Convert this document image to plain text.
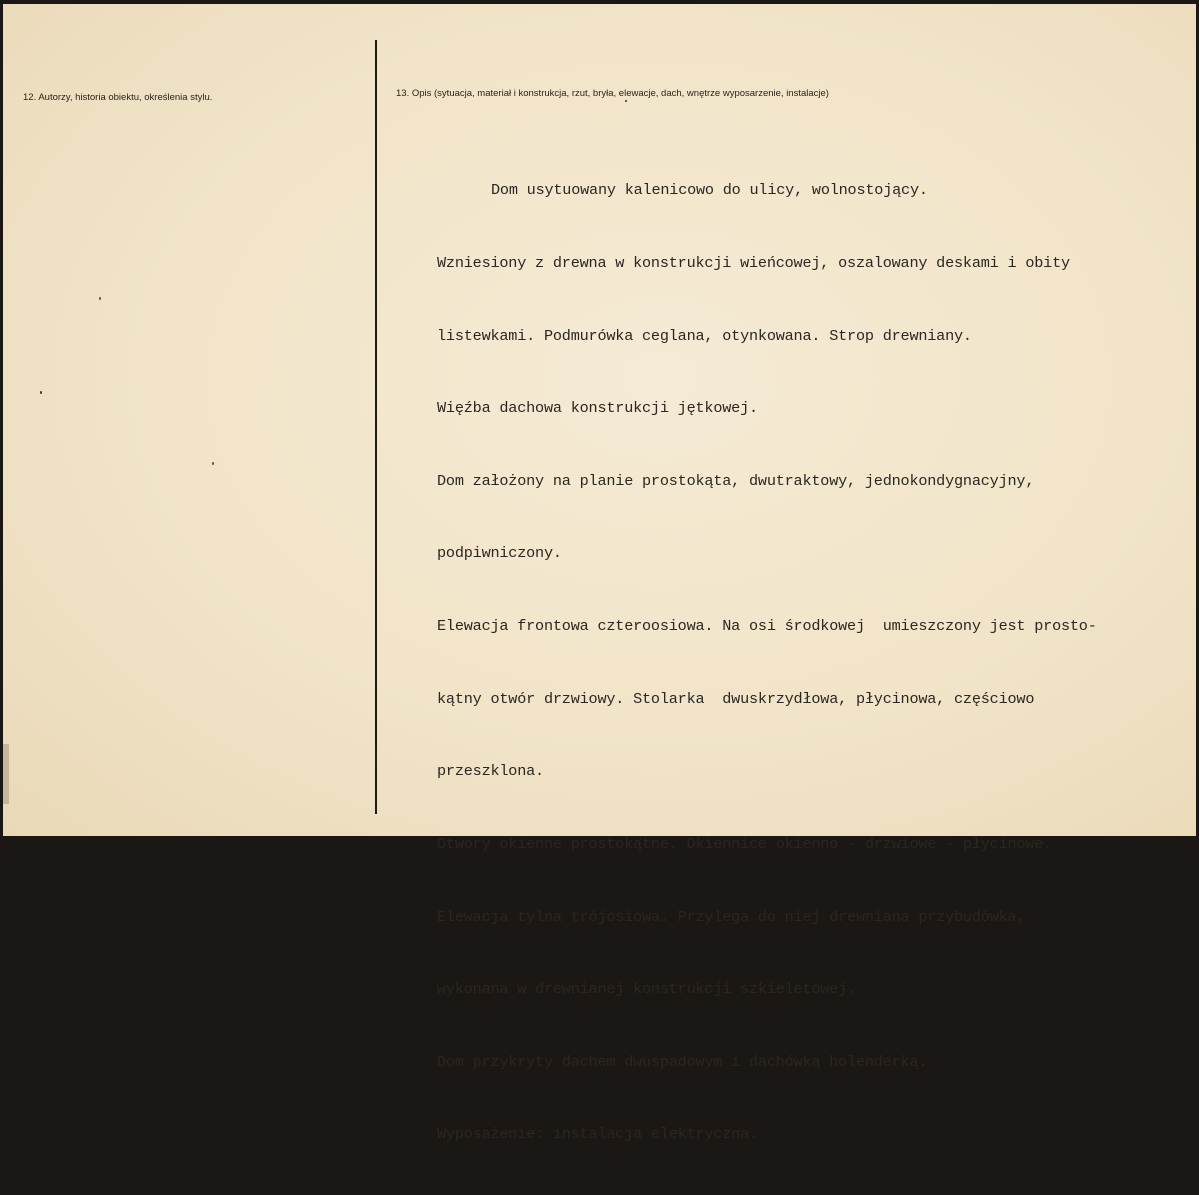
12. Autorzy, historia obiektu, określenia stylu.	13. Opis (sytuacja, materiał i konstrukcja, rzut, bryła, elewacje, dach, wnętrze wyposarzenie, instalacje)

Dom usytuowany kalenicowo do ulicy, wolnostojący.

Wzniesiony z drewna w konstrukcji wieńcowej, oszalowany deskami i obity

listewkami. Podmurówka ceglana, otynkowana. Strop drewniany.

Więźba dachowa konstrukcji jętkowej.

Dom założony na planie prostokąta, dwutraktowy, jednokondygnacyjny,

podpiwniczony.

Elewacja frontowa czteroosiowa. Na osi środkowej  umieszczony jest prosto-

kątny otwór drzwiowy. Stolarka  dwuskrzydłowa, płycinowa, częściowo

przeszklona.

Otwory okienne prostokątne. Okiennice okienno - drzwiowe - płycinowe.

Elewacja tylna trójosiowa. Przylega do niej drewniana przybudówka,

wykonana w drewnianej konstrukcji szkieletowej.

Dom przykryty dachem dwuspadowym i dachówką holenderką.

Wyposażenie: instalacja elektryczna.
